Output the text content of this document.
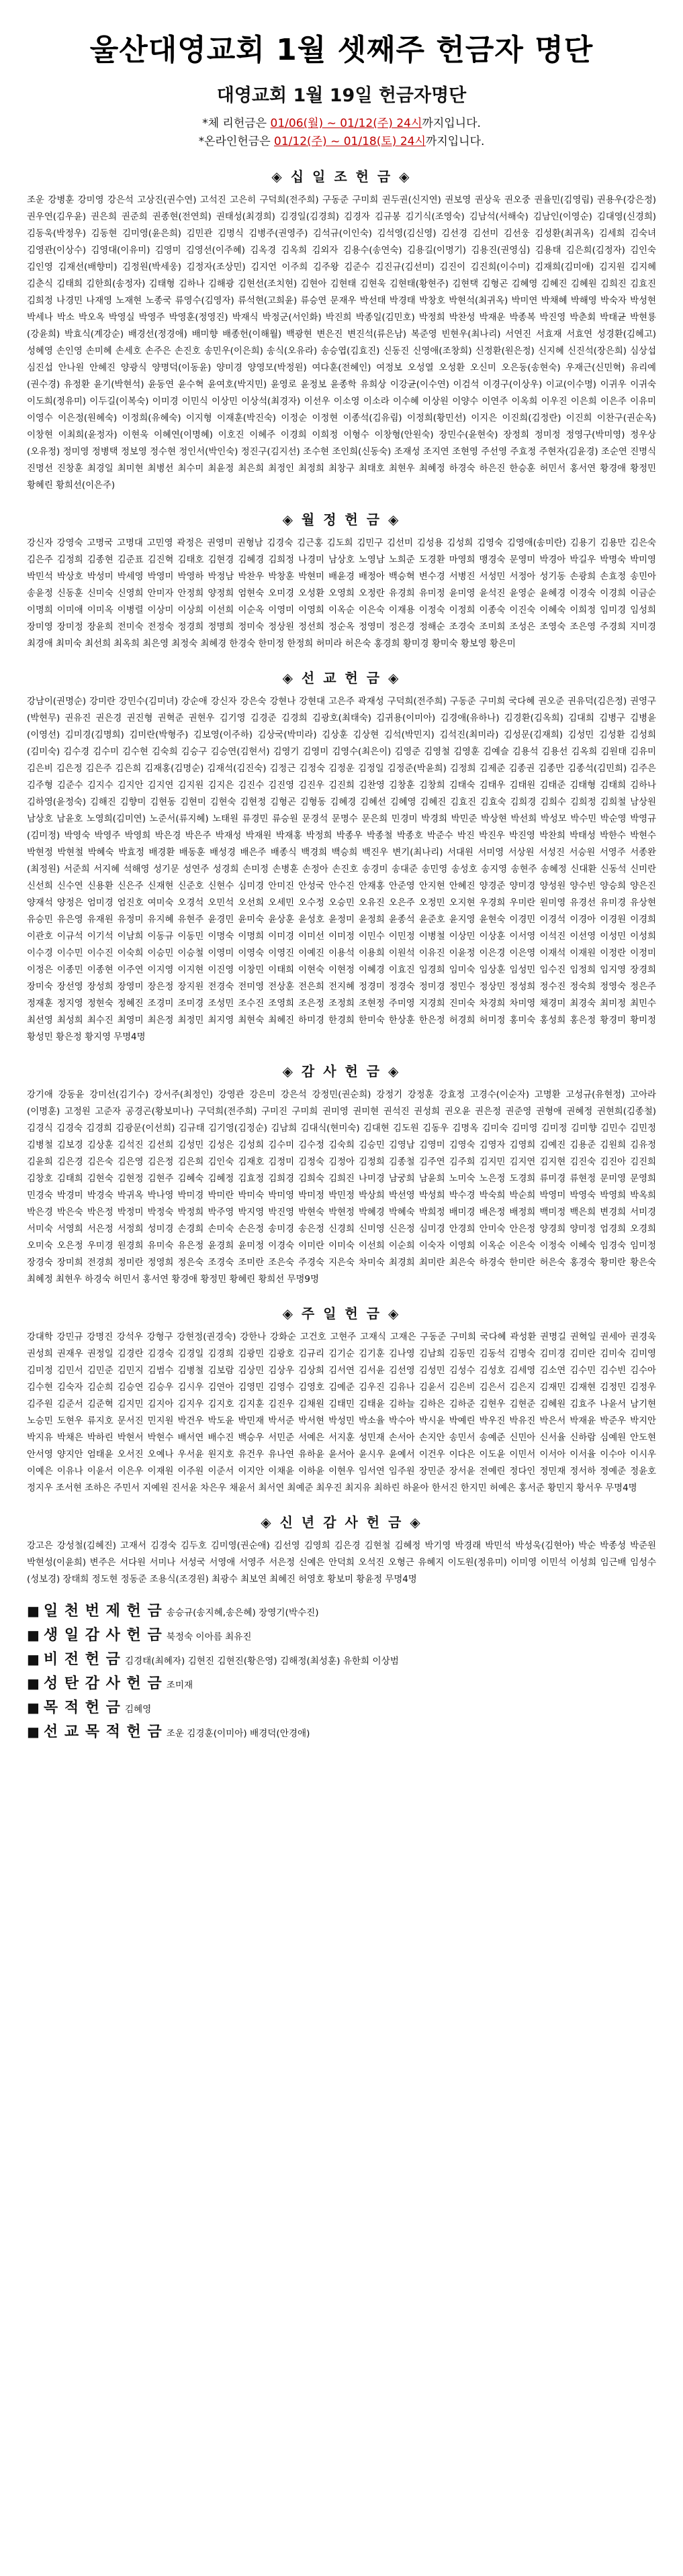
울산대영교회 1월 셋째주 헌금자 명단
대영교회 1월 19일 헌금자명단

*체 리헌금은 01/06(월) ~ 01/12(주) 24시까지입니다.

*온라인헌금은 01/12(주) ~ 01/18(토) 24시까지입니다.

◈ 십 일 조 헌 금 ◈

조운 강병훈 강미영 강은석 고상진(권수연) 고석진 고은히 구덕희(전주희) 구동준 구미희 권두권(신지연) 권보영 권상욱 권오중 권율민(김영림) 권용우(강은정) 권우연(김우윤) 권은희 권준희 권종현(전연희) 권태성(최경희) 김경일(김경희) 김경자 김규봉 김기식(조영숙) 김남석(서해숙) 김남인(이영순) 김대영(신경희) 김동욱(박정우) 김동현 김미영(윤은희) 김민관 김명식 김병주(권영주) 김석규(이인숙) 김석영(김신영) 김선경 김선미 김선웅 김성환(최귀옥) 김세희 김숙녀 김영관(이상수) 김영대(이유미) 김영미 김영선(이주혜) 김옥경 김옥희 김외자 김용수(송연숙) 김용길(이명기) 김용진(권영심) 김용태 김은희(김정자) 김인숙 김인영 김재선(배향미) 김정원(박세웅) 김정자(조상민) 김지언 이주희 김주왕 김준수 김진규(김선미) 김진이 김진희(이수미) 김재희(김미애) 김지원 김지혜 김춘식 김태희 김한희(송정자) 김태형 김하나 김해광 김현선(조치현) 김현아 김현태 김현욱 김현태(황현주) 김현택 김형곤 김혜영 김혜진 김혜원 김희진 김효진 김희정 나경민 나재영 노재현 노종국 류영수(김영자) 류석현(고희윤) 류승연 문재우 박선태 박경태 박창호 박현석(최귀옥) 박미연 박채혜 박해영 박숙자 박성현 박세나 박소 박오옥 박영실 박영주 박영훈(정영진) 박재식 박정군(서인화) 박진희 박종일(김민호) 박정희 박찬성 박재운 박종복 박진영 박춘회 박태균 박현룡(강윤희) 박효식(계강순) 배경선(정경애) 배미향 배종헌(이해월) 백광현 변은진 변진석(류은남) 복준영 빈현우(최나리) 서연진 서효재 서효연 성경환(김혜고) 성혜영 손인영 손미혜 손세호 손주은 손진호 송민우(이은희) 송식(오유라) 송승엽(김효진) 신동진 신영애(조창희) 신정환(원은정) 신지혜 신진석(장은희) 심상섭 심진섭 안나원 안혜진 양광식 양명덕(이동윤) 양미경 양영모(박정원) 여다훈(전혜인) 여정보 오성열 오성환 오신미 오은동(송현숙) 우재근(신민혁) 유리예(권수경) 유정환 윤기(박현석) 윤동연 윤수혁 윤여호(박지민) 윤영로 윤정보 윤종학 유희상 이강균(이수연) 이검석 이경구(이상우) 이교(이수명) 이귀우 이귀숙 이도희(정유미) 이두길(이복숙) 이미경 이민식 이상민 이상석(최경자) 이선우 이소영 이소라 이수혜 이상원 이양수 이연주 이옥희 이우진 이은희 이은주 이유미 이영수 이은정(원혜숙) 이정희(유혜숙) 이지형 이재훈(박진숙) 이정순 이정현 이종석(김유림) 이정희(황민선) 이지은 이진희(김정란) 이진희 이찬구(권순옥) 이창현 이최희(윤정자) 이현욱 이혜연(이명혜) 이호진 이혜주 이경희 이희정 이형수 이창형(안원숙) 장민수(윤현숙) 장정희 정미정 정영구(박미영) 정우상(오유정) 정미영 정병택 정보영 정수현 정인서(박인숙) 정진구(김지선) 조수현 조인희(신동숙) 조재성 조지연 조현영 주선영 주효정 주현자(김윤경) 조순연 진명식 진명선 진창훈 최경일 최미현 최병선 최수미 최윤정 최은희 최정인 최정희 최창구 최태호 최현우 최혜정 하경숙 하은진 한승훈 허민서 홍서연 황경애 황정민 황혜린 황희선(이은주)

◈ 월 정 헌 금 ◈

강신자 강영숙 고명국 고명대 고민영 곽정은 권영미 권형남 김경숙 김근홍 김도희 김민구 김선미 김성용 김성희 김영숙 김영애(송미란) 김용기 김용만 김은숙 김은주 김정희 김종현 김준표 김진혁 김태호 김현경 김혜경 김희정 나경미 남상호 노영남 노희준 도경환 마영희 맹경숙 문영미 박경아 박길우 박명숙 박미영 박민석 박상호 박성미 박세영 박영미 박영하 박정남 박찬우 박창훈 박현미 배윤경 배정아 백승혁 변수경 서병진 서성민 서정아 성기동 손광희 손효정 송민아 송윤정 신동훈 신미숙 신영희 안미자 안정희 양정희 엄현숙 오미경 오성환 오영희 오정란 유경희 유미정 윤미영 윤석진 윤영순 윤혜경 이경숙 이경희 이금순 이명희 이미애 이미옥 이병렬 이상미 이상희 이선희 이순옥 이영미 이영희 이옥순 이은숙 이재용 이정숙 이정희 이종숙 이진숙 이혜숙 이희정 임미경 임성희 장미영 장미정 장윤희 전미숙 전정숙 정경희 정명희 정미숙 정상원 정선희 정순옥 정영미 정은경 정해순 조경숙 조미희 조성은 조영숙 조은영 주경희 지미경 최경애 최미숙 최선희 최옥희 최은영 최정숙 최혜경 한경숙 한미정 한정희 허미라 허은숙 홍경희 황미경 황미숙 황보영 황은미

◈ 선 교 헌 금 ◈

강남이(권명순) 강미란 강민수(김미녀) 강순애 강신자 강은숙 강현나 강현대 고은주 곽재성 구덕희(전주희) 구동준 구미희 국다혜 권오준 권유덕(김은정) 권영구(박현무) 권유진 권은경 권진형 권혁준 권현우 김기영 김경준 김경희 김광호(최태숙) 김귀용(이미아) 김경애(유하나) 김경환(김옥희) 김대희 김병구 김병윤(이영선) 김미경(김명희) 김미란(박형주) 김보영(이주하) 김상국(박미라) 김상훈 김상현 김석(박민지) 김석진(최미라) 김성문(김재희) 김성민 김성환 김성희(김미숙) 김수경 김수미 김수현 김숙희 김승구 김승연(김현서) 김영기 김영미 김영수(최은이) 김영준 김영철 김영훈 김예슬 김용석 김용선 김옥희 김원태 김유미 김은비 김은정 김은주 김은희 김재홍(김명순) 김재석(김진숙) 김정근 김정숙 김정운 김정일 김정준(박윤희) 김정희 김제준 김종권 김종만 김종석(김민희) 김주은 김주형 김준수 김지수 김지안 김지연 김지원 김지은 김진수 김진영 김진우 김진희 김찬영 김창훈 김창희 김태숙 김태우 김태원 김태준 김태형 김태희 김하나 김하영(윤정숙) 김해진 김향미 김현동 김현미 김현숙 김현정 김형곤 김형동 김혜경 김혜선 김혜영 김혜진 김효진 김효숙 김희경 김희수 김희정 김희철 남상원 남상호 남윤호 노영희(김미연) 노준서(류지혜) 노태원 류경민 류승원 문경석 문명수 문은희 민경미 박경희 박민준 박상현 박선희 박성모 박수민 박순영 박영규(김미정) 박영숙 박영주 박영희 박은경 박은주 박재성 박재원 박재홍 박정희 박종우 박종철 박종호 박준수 박진 박진우 박진영 박찬희 박태성 박한수 박현수 박현정 박현철 박혜숙 박효정 배경환 배동훈 배성경 배은주 배종식 백경희 백승희 백진우 변기(최나리) 서대원 서미영 서상원 서성진 서승원 서영주 서종완(최정원) 서준희 서지혜 석해영 성기문 성연주 성경희 손미정 손병훈 손정아 손진호 송경미 송대준 송민영 송성호 송지영 송현주 송혜정 신대환 신동석 신미란 신선희 신수연 신용환 신은주 신재현 신준호 신현수 심미경 안미진 안성국 안수진 안재홍 안준영 안지현 안혜진 양경준 양미경 양성원 양수빈 양승희 양은진 양재석 양정은 엄미경 엄진호 여미숙 오경석 오민석 오선희 오세민 오수정 오승민 오유진 오은주 오정민 오지현 우경희 우미란 원미영 유경선 유미경 유상현 유승민 유은영 유재원 유정미 유지혜 유현주 윤경민 윤미숙 윤상훈 윤성호 윤정미 윤정희 윤종석 윤준호 윤지영 윤현숙 이경민 이경석 이경아 이경원 이경희 이관호 이규석 이기석 이남희 이동규 이동민 이명숙 이명희 이미경 이미선 이미정 이민수 이민정 이병철 이상민 이상훈 이서영 이석진 이선영 이성민 이성희 이수경 이수민 이수진 이숙희 이승민 이승철 이영미 이영숙 이영진 이예진 이용석 이용희 이원석 이유진 이윤정 이은경 이은영 이재석 이재원 이정란 이정미 이정은 이종민 이종현 이주연 이지영 이지현 이진영 이창민 이태희 이현숙 이현정 이혜경 이효진 임경희 임미숙 임상훈 임성민 임수진 임정희 임지영 장경희 장미숙 장선영 장성희 장영미 장은정 장지원 전경숙 전미영 전상훈 전은희 전지혜 정경미 정경숙 정미경 정민수 정상민 정성희 정수진 정숙희 정영숙 정은주 정재훈 정지영 정현숙 정혜진 조경미 조미경 조성민 조수진 조영희 조은정 조정희 조현정 주미영 지경희 진미숙 차경희 차미영 채경미 최경숙 최미정 최민수 최선영 최성희 최수진 최영미 최은정 최정민 최지영 최현숙 최혜진 하미경 한경희 한미숙 한상훈 한은정 허경희 허미정 홍미숙 홍성희 홍은정 황경미 황미정 황성민 황은정 황지영 무명4명

◈ 감 사 헌 금 ◈

강기애 강동윤 강미선(김기수) 강서주(최정인) 강영관 강은미 강은석 강정민(권순희) 강정기 강정훈 강효정 고경수(이순자) 고명환 고성규(유현정) 고아라(이명훈) 고정원 고준자 공경곤(황보미나) 구덕희(전주희) 구미진 구미희 권미영 권미현 권석진 권성희 권오윤 권은정 권준영 권형애 권혜정 권현희(김종철) 김경식 김경숙 김경희 김광문(이선희) 김규태 김기영(김정순) 김남희 김대식(현미숙) 김대현 김도원 김동우 김명옥 김미숙 김미영 김미정 김미향 김민수 김민정 김병철 김보경 김상훈 김석진 김선희 김성민 김성은 김성희 김수미 김수정 김숙희 김승민 김영남 김영미 김영숙 김영자 김영희 김예진 김용준 김원희 김유정 김윤희 김은경 김은숙 김은영 김은정 김은희 김인숙 김재호 김정미 김정숙 김정아 김정희 김종철 김주연 김주희 김지민 김지연 김지현 김진숙 김진아 김진희 김창호 김태희 김현숙 김현정 김현주 김혜숙 김혜정 김효정 김희경 김희숙 김희진 나미경 남궁희 남윤희 노미숙 노은정 도경희 류미경 류현정 문미영 문영희 민경숙 박경미 박경숙 박귀옥 박나영 박미경 박미란 박미숙 박미영 박미정 박민정 박상희 박선영 박성희 박수경 박숙희 박순희 박영미 박영숙 박영희 박옥희 박은경 박은숙 박은정 박정미 박정숙 박정희 박주영 박지영 박진영 박현숙 박현정 박혜경 박혜숙 박희정 배미경 배은정 배정희 백미정 백은희 변경희 서미경 서미숙 서영희 서은정 서정희 성미경 손경희 손미숙 손은정 송미경 송은정 신경희 신미영 신은정 심미경 안경희 안미숙 안은정 양경희 양미정 엄경희 오경희 오미숙 오은정 우미경 원경희 유미숙 유은정 윤경희 윤미정 이경숙 이미란 이미숙 이선희 이순희 이숙자 이영희 이옥순 이은숙 이정숙 이혜숙 임경숙 임미정 장경숙 장미희 전경희 정미란 정영희 정은숙 조경숙 조미란 조은숙 주경숙 지은숙 차미숙 최경희 최미란 최은숙 하경숙 한미란 허은숙 홍경숙 황미란 황은숙 최혜정 최현우 하경숙 허민서 홍서연 황경애 황정민 황혜린 황희선 무명9명

◈ 주 일 헌 금 ◈

강대학 강민규 강명진 강석우 강형구 강현정(권경숙) 강한나 강화순 고건호 고현주 고재식 고재은 구동준 구미희 국다혜 곽성환 권명길 권혁일 권세아 권경욱 권성희 권재우 권정일 김경란 김경숙 김경일 김경희 김광민 김광호 김규리 김기순 김기훈 김나영 김남희 김동민 김동석 김명숙 김미경 김미란 김미숙 김미영 김미정 김민서 김민준 김민지 김범수 김병철 김보람 김상민 김상우 김상희 김서연 김서윤 김선영 김성민 김성수 김성호 김세영 김소연 김수민 김수빈 김수아 김수현 김숙자 김순희 김승연 김승우 김시우 김연아 김영민 김영수 김영호 김예준 김우진 김유나 김윤서 김은비 김은서 김은지 김재민 김재현 김정민 김정우 김주원 김준서 김준혁 김지민 김지아 김지우 김지호 김지훈 김진우 김채원 김태민 김태윤 김하늘 김하은 김하준 김현우 김현준 김혜원 김효주 나윤서 남기현 노승민 도현우 류지호 문서진 민지원 박건우 박도윤 박민재 박서준 박서현 박성민 박소율 박수아 박시윤 박예린 박우진 박유진 박은서 박재윤 박준우 박지안 박지유 박채은 박하린 박현서 박현수 배서연 배수진 백승우 서민준 서예은 서지훈 성민재 손서아 손지안 송민서 송예준 신민아 신서율 신하람 심예원 안도현 안서영 양지안 엄태윤 오서진 오예나 우서윤 원지호 유건우 유나연 유하윤 윤서아 윤시우 윤예서 이건우 이다은 이도윤 이민서 이서아 이서율 이수아 이시우 이예은 이유나 이윤서 이은우 이재원 이주원 이준서 이지안 이채윤 이하윤 이현우 임서연 임주원 장민준 장서윤 전예린 정다인 정민재 정서하 정예준 정윤호 정지우 조서현 조하은 주민서 지예원 진서윤 차은우 채윤서 최서연 최예준 최우진 최지유 최하린 하윤아 한서진 한지민 허예은 홍서준 황민지 황서우 무명4명

◈ 신 년 감 사 헌 금 ◈

강고은 강성철(김혜진) 고재서 김경숙 김두호 김미영(권순애) 김선영 김영희 김은경 김현철 김혜정 박기영 박경래 박민석 박성욱(김현아) 박순 박종성 박준원 박현성(이윤희) 변주은 서다원 서미나 서성국 서영애 서영주 서은정 신예은 안덕희 오석진 오형근 유혜지 이도원(정유미) 이미영 이민석 이성희 임근배 임성수(성보경) 장태희 정도현 정동준 조용식(조경원) 최광수 최보연 최혜진 허영호 황보미 황윤정 무명4명

■ 일 천 번 제 헌 금 송승규(송지혜,송은혜) 장영기(박수진)
■ 생 일 감 사 헌 금 북정숙 이아름 최유진
■ 비 전 헌 금 김경태(최혜자) 김현진 김현진(황은영) 김해정(최성훈) 유한희 이상범
■ 성 탄 감 사 헌 금 조미재
■ 목 적 헌 금 김혜영
■ 선 교 목 적 헌 금 조운 김경훈(이미아) 배경덕(안경애)
